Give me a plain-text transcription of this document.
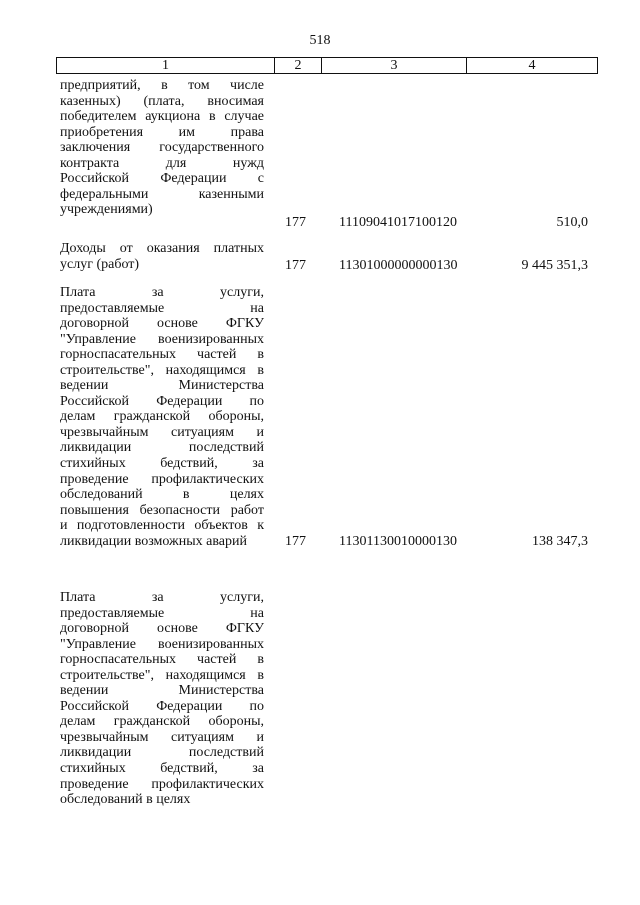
518
1	2	3	4
предприятий, в том числе
казенных) (плата, вносимая
победителем аукциона в случае
приобретения им права
заключения государственного
контракта для нужд
Российской Федерации с
федеральными казенными
учреждениями)
177 11109041017100120	510,0
Доходы от оказания платных
услуг (работ)	177 11301000000000130	9 445 351,3
Плата за услуги,
предоставляемые на
договорной основе ФГКУ
"Управление военизированных
горноспасательных частей в
строительстве", находящимся в
ведении Министерства
Российской Федерации по
делам гражданской обороны,
чрезвычайным ситуациям и
ликвидации последствий
стихийных бедствий, за
проведение профилактических
обследований в целях
повышения безопасности работ
и подготовленности объектов к
ликвидации возможных аварий	177 11301130010000130	138 347,3
Плата за услуги,
предоставляемые на
договорной основе ФГКУ
"Управление военизированных
горноспасательных частей в
строительстве", находящимся в
ведении Министерства
Российской Федерации по
делам гражданской обороны,
чрезвычайным ситуациям и
ликвидации последствий
стихийных бедствий, за
проведение профилактических
обследований в целях
